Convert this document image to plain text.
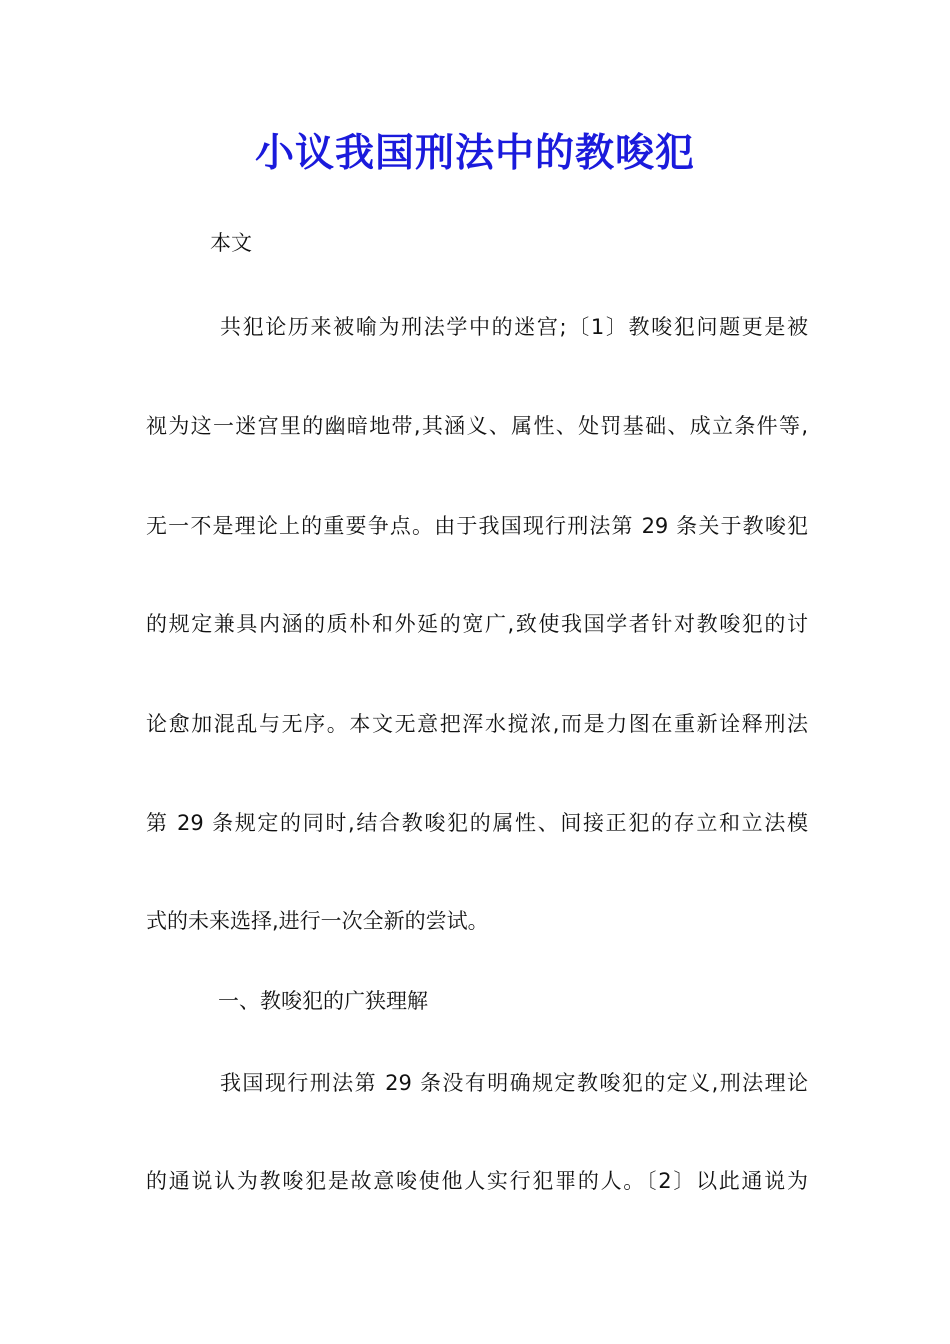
小议我国刑法中的教唆犯

本文

共犯论历来被喻为刑法学中的迷宫;〔1〕教唆犯问题更是被

视为这一迷宫里的幽暗地带,其涵义、属性、处罚基础、成立条件等,

无一不是理论上的重要争点。由于我国现行刑法第 29 条关于教唆犯

的规定兼具内涵的质朴和外延的宽广,致使我国学者针对教唆犯的讨

论愈加混乱与无序。本文无意把浑水搅浓,而是力图在重新诠释刑法

第 29 条规定的同时,结合教唆犯的属性、间接正犯的存立和立法模

式的未来选择,进行一次全新的尝试。

一、教唆犯的广狭理解

我国现行刑法第 29 条没有明确规定教唆犯的定义,刑法理论

的通说认为教唆犯是故意唆使他人实行犯罪的人。〔2〕以此通说为
